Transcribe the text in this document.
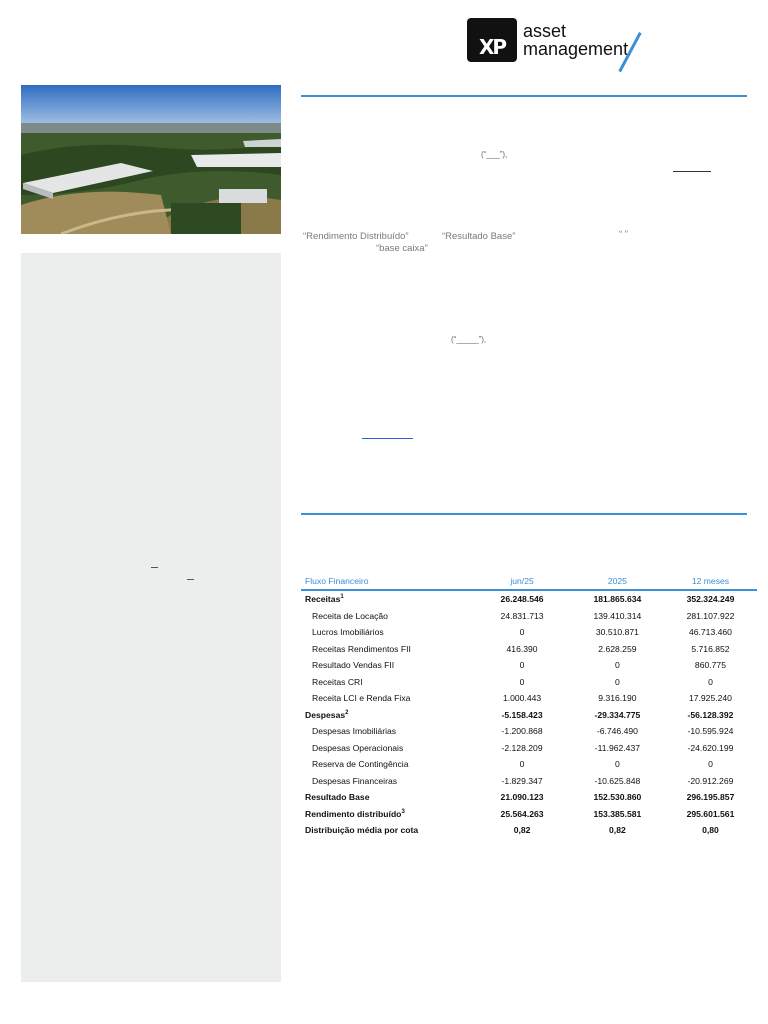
XP
asset
management
(“___”),
“Rendimento Distribuído”	“Resultado Base”	“ ”
“base caixa”
(“_____”),
Fluxo Financeiro	jun/25	2025	12 meses
Receitas$^1$	26.248.546	181.865.634	352.324.249
Receita de Locação	24.831.713	139.410.314	281.107.922
Lucros Imobiliários	0	30.510.871	46.713.460
Receitas Rendimentos FII	416.390	2.628.259	5.716.852
Resultado Vendas FII	0	0	860.775
Receitas CRI	0	0	0
Receita LCI e Renda Fixa	1.000.443	9.316.190	17.925.240
Despesas$^2$	-5.158.423	-29.334.775	-56.128.392
Despesas Imobiliárias	-1.200.868	-6.746.490	-10.595.924
Despesas Operacionais	-2.128.209	-11.962.437	-24.620.199
Reserva de Contingência	0	0	0
Despesas Financeiras	-1.829.347	-10.625.848	-20.912.269
Resultado Base	21.090.123	152.530.860	296.195.857
Rendimento distribuído$^3$	25.564.263	153.385.581	295.601.561
Distribuição média por cota	0,82	0,82	0,80
